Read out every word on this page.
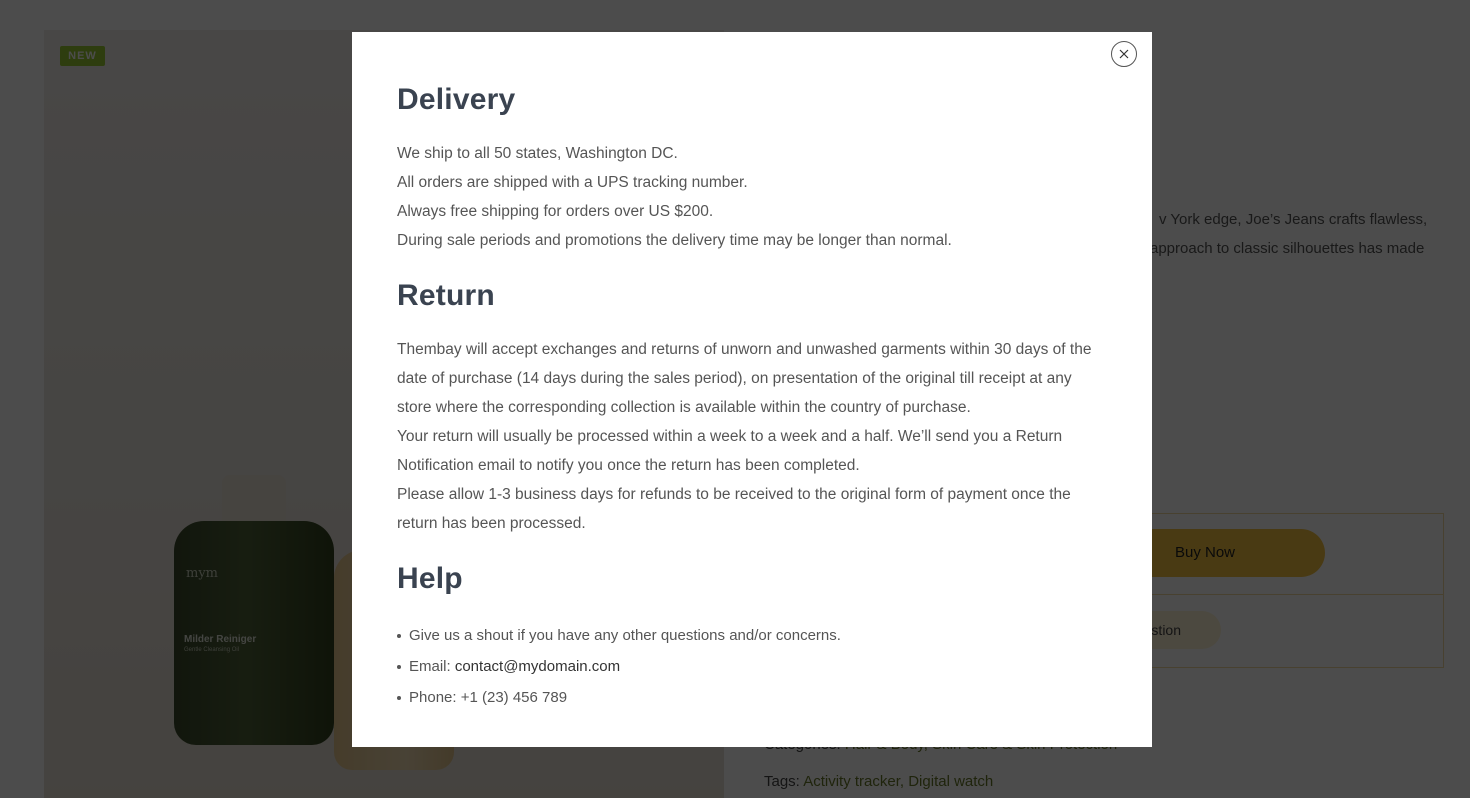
Delivery

We ship to all 50 states, Washington DC.

All orders are shipped with a UPS tracking number.

Always free shipping for orders over US $200.

During sale periods and promotions the delivery time may be longer than normal.

Return

Thembay will accept exchanges and returns of unworn and unwashed garments within 30 days of the date of purchase (14 days during the sales period), on presentation of the original till receipt at any store where the corresponding collection is available within the country of purchase.

Your return will usually be processed within a week to a week and a half. We’ll send you a Return Notification email to notify you once the return has been completed.

Please allow 1-3 business days for refunds to be received to the original form of payment once the return has been processed.

Help
Give us a shout if you have any other questions and/or concerns.
Email: contact@mydomain.com
Phone: +1 (23) 456 789
